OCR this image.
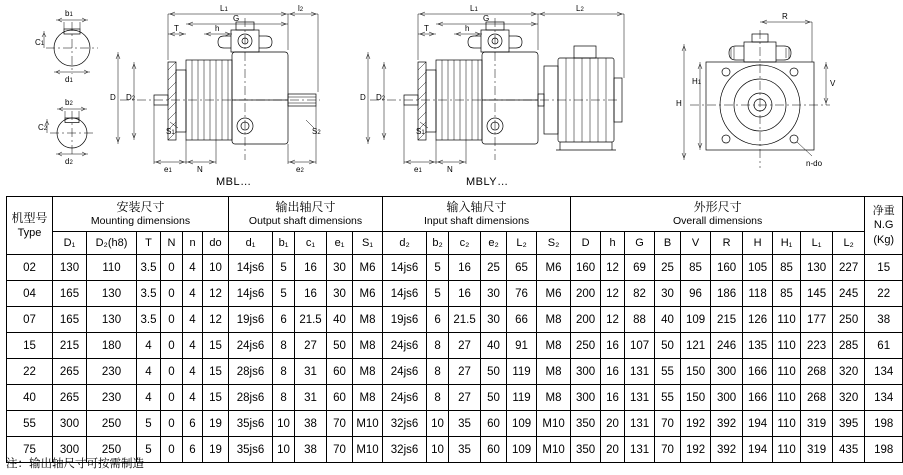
b1
C1
d1
b2
C2
d2
L1
G
l2
T	h
D D2
S1	S2
e1	N	e2
L1
G
L2
T	h
D D2
S1
e1	N
R
V
H1
H
n-do
MBL…	MBLY…
机型号
Type	安装尺寸
Mounting dimensions						输出轴尺寸
Output shaft dimensions					输入轴尺寸
Input shaft dimensions						外形尺寸
Overall dimensions										净重
N.G
(Kg)

	D₁	D₂(h8)	T	N	n	do	d₁	b₁	c₁	e₁	S₁	d₂	b₂	c₂	e₂	L₂	S₂	D	h	G	B	V	R	H	H₁	L₁	L₂	
02	130	110	3.5	0	4	10	14js6	5	16	30	M6	14js6	5	16	25	65	M6	160	12	69	25	85	160	105	85	130	227	15
04	165	130	3.5	0	4	12	14js6	5	16	30	M6	14js6	5	16	30	76	M6	200	12	82	30	96	186	118	85	145	245	22
07	165	130	3.5	0	4	12	19js6	6	21.5	40	M8	19js6	6	21.5	30	66	M8	200	12	88	40	109	215	126	110	177	250	38
15	215	180	4	0	4	15	24js6	8	27	50	M8	24js6	8	27	40	91	M8	250	16	107	50	121	246	135	110	223	285	61
22	265	230	4	0	4	15	28js6	8	31	60	M8	24js6	8	27	50	119	M8	300	16	131	55	150	300	166	110	268	320	134
40	265	230	4	0	4	15	28js6	8	31	60	M8	24js6	8	27	50	119	M8	300	16	131	55	150	300	166	110	268	320	134
55	300	250	5	0	6	19	35js6	10	38	70	M10	32js6	10	35	60	109	M10	350	20	131	70	192	392	194	110	319	395	198
75	300	250	5	0	6	19	35js6	10	38	70	M10	32js6	10	35	60	109	M10	350	20	131	70	192	392	194	110	319	435	198
注：输出轴尺寸可按需制造
